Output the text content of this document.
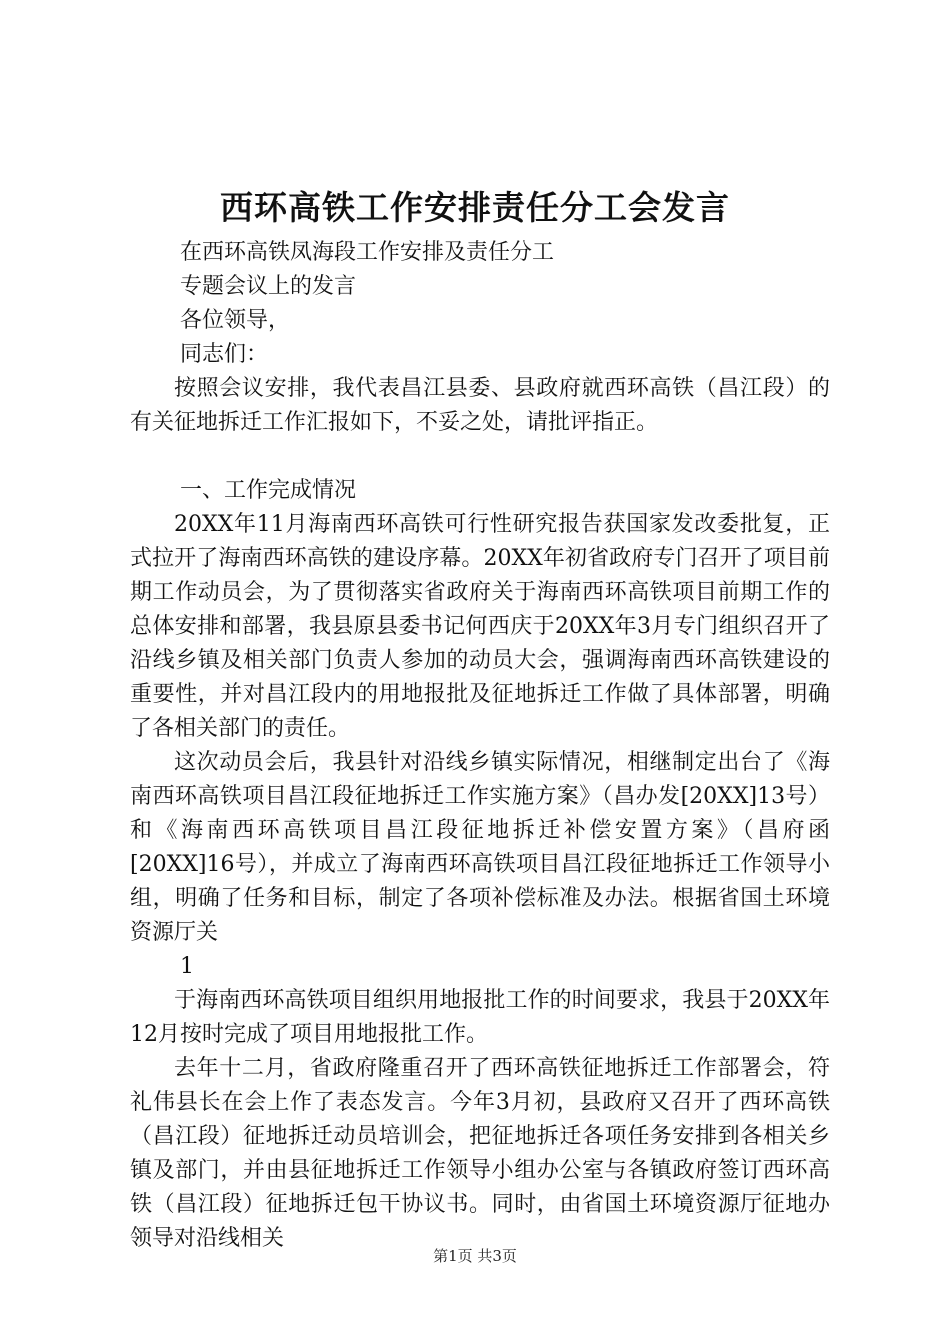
西环高铁工作安排责任分工会发言

在西环高铁凤海段工作安排及责任分工

专题会议上的发言

各位领导，

同志们：

按照会议安排，我代表昌江县委、县政府就西环高铁（昌江段）的有关征地拆迁工作汇报如下，不妥之处，请批评指正。

一、工作完成情况

20XX年11月海南西环高铁可行性研究报告获国家发改委批复，正式拉开了海南西环高铁的建设序幕。20XX年初省政府专门召开了项目前期工作动员会，为了贯彻落实省政府关于海南西环高铁项目前期工作的总体安排和部署，我县原县委书记何西庆于20XX年3月专门组织召开了沿线乡镇及相关部门负责人参加的动员大会，强调海南西环高铁建设的重要性，并对昌江段内的用地报批及征地拆迁工作做了具体部署，明确了各相关部门的责任。

这次动员会后，我县针对沿线乡镇实际情况，相继制定出台了《海南西环高铁项目昌江段征地拆迁工作实施方案》（昌办发[20XX]13号）和《海南西环高铁项目昌江段征地拆迁补偿安置方案》（昌府函[20XX]16号），并成立了海南西环高铁项目昌江段征地拆迁工作领导小组，明确了任务和目标，制定了各项补偿标准及办法。根据省国土环境资源厅关

1

于海南西环高铁项目组织用地报批工作的时间要求，我县于20XX年12月按时完成了项目用地报批工作。

去年十二月，省政府隆重召开了西环高铁征地拆迁工作部署会，符礼伟县长在会上作了表态发言。今年3月初，县政府又召开了西环高铁（昌江段）征地拆迁动员培训会，把征地拆迁各项任务安排到各相关乡镇及部门，并由县征地拆迁工作领导小组办公室与各镇政府签订西环高铁（昌江段）征地拆迁包干协议书。同时，由省国土环境资源厅征地办领导对沿线相关

第1页 共3页
